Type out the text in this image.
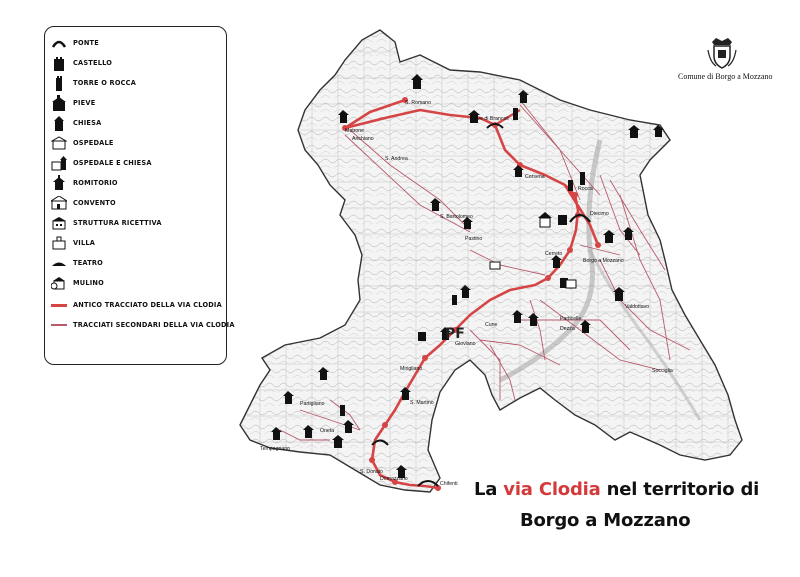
PF
S. Romano
Anchiano
Corsena
S. Andrea
Rocca
Diecimo
Borgo a Mozzano
Valdottavo
Dezza
Cerreto
S. Martino
Motrone
Tempagnano
Partigliano
Domazzano
Chifenti
Gioviano
Pieve di Brancoli
S. Bartolomeo
S. Donato
Oneta
Particelle
Cune
Pastino
Mirigliano	Socciglia
PONTE
CASTELLO
TORRE O ROCCA
PIEVE
CHIESA
OSPEDALE
OSPEDALE E CHIESA
ROMITORIO
CONVENTO
STRUTTURA RICETTIVA
VILLA
TEATRO
MULINO
ANTICO TRACCIATO DELLA VIA CLODIA
TRACCIATI SECONDARI DELLA VIA CLODIA
Comune di Borgo a Mozzano
La via Clodia nel territorio di
Borgo a Mozzano
